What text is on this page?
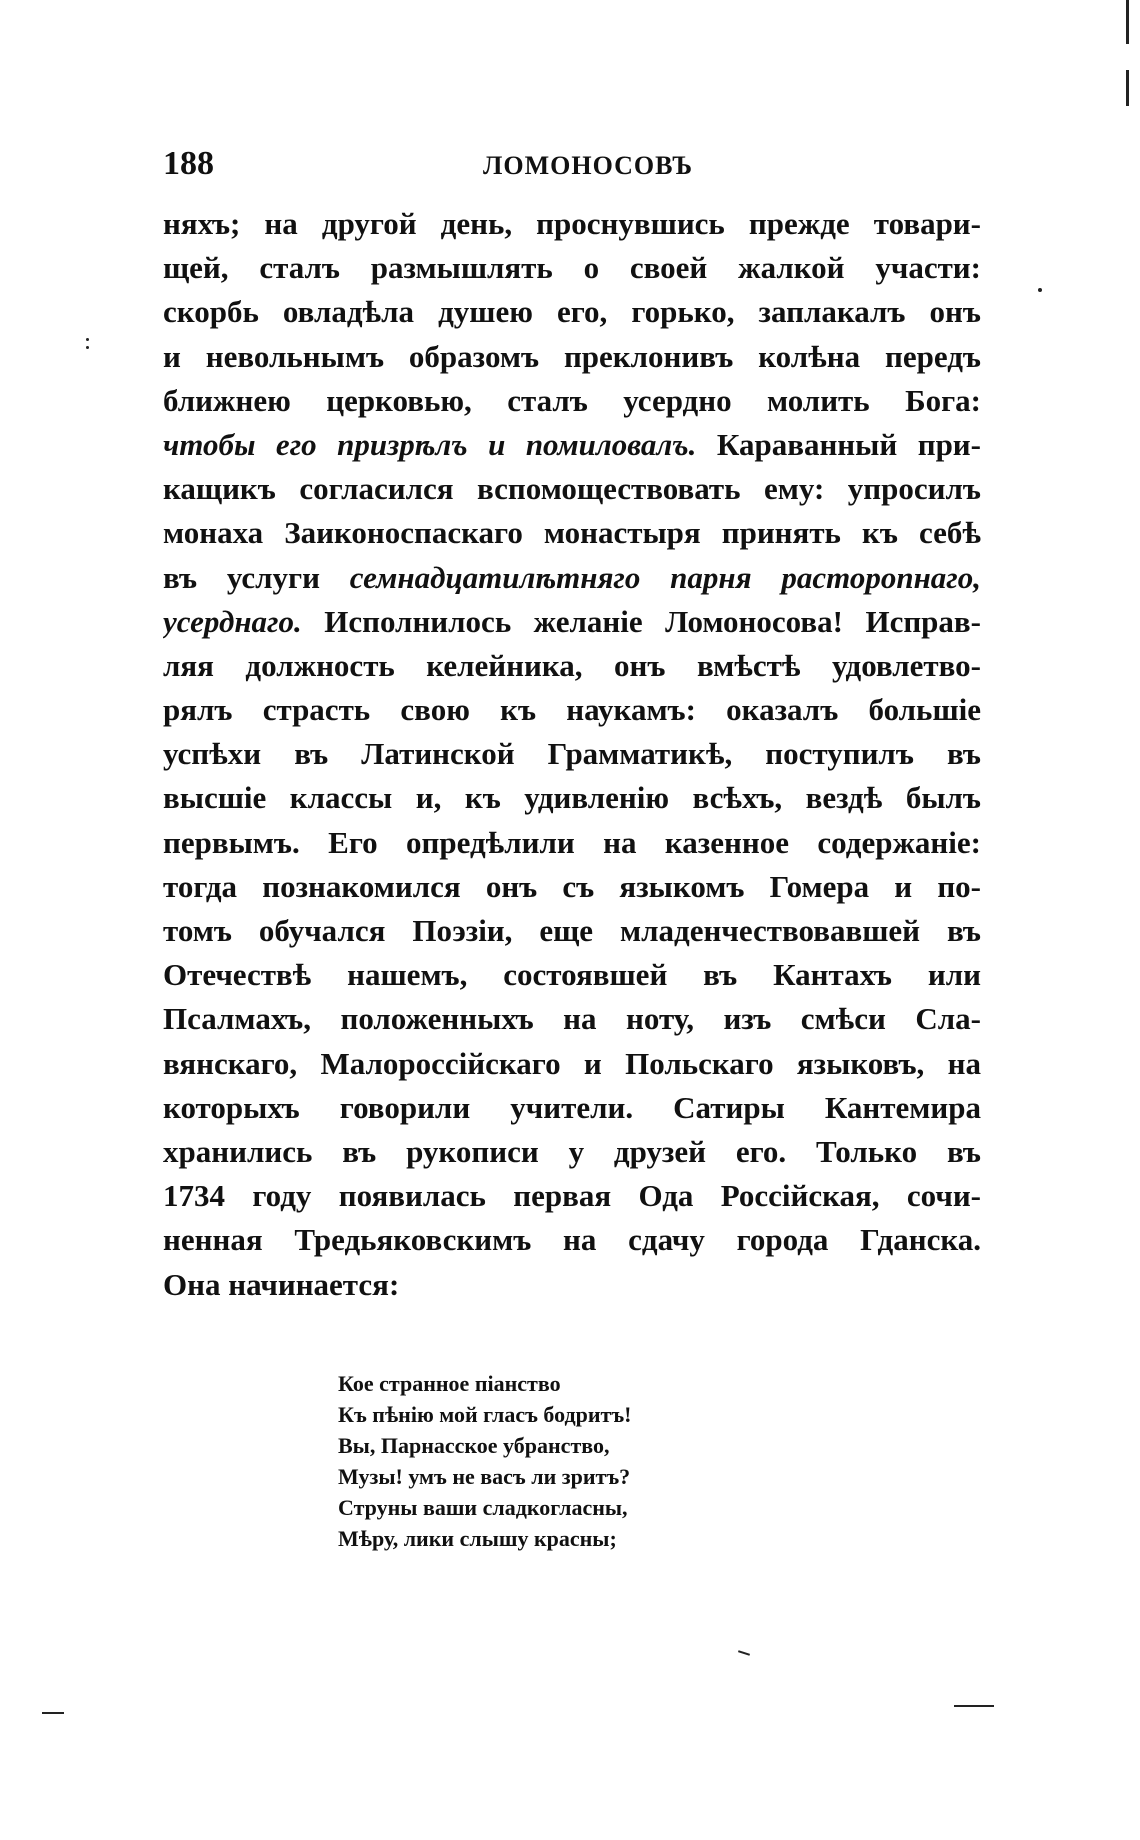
188	ЛОМОНОСОВЪ
няхъ; на другой день, проснувшись прежде товари-
щей, сталъ размышлять о своей жалкой участи:
скорбь овладѣла душею его, горько, заплакалъ онъ
и невольнымъ образомъ преклонивъ колѣна передъ
ближнею церковью, сталъ усердно молить Бога:
чтобы его призрѣлъ и помиловалъ. Караванный при-
кащикъ согласился вспомоществовать ему: упросилъ
монаха Заиконоспаскаго монастыря принять къ себѣ
въ услуги семнадцатилѣтняго парня расторопнаго,
усерднаго. Исполнилось желаніе Ломоносова! Исправ-
ляя должность келейника, онъ вмѣстѣ удовлетво-
рялъ страсть свою къ наукамъ: оказалъ большіе
успѣхи въ Латинской Грамматикѣ, поступилъ въ
высшіе классы и, къ удивленію всѣхъ, вездѣ былъ
первымъ. Его опредѣлили на казенное содержаніе:
тогда познакомился онъ съ языкомъ Гомера и по-
томъ обучался Поэзіи, еще младенчествовавшей въ
Отечествѣ нашемъ, состоявшей въ Кантахъ или
Псалмахъ, положенныхъ на ноту, изъ смѣси Сла-
вянскаго, Малороссійскаго и Польскаго языковъ, на
которыхъ говорили учители. Сатиры Кантемира
хранились въ рукописи у друзей его. Только въ
1734 году появилась первая Ода Россійская, сочи-
ненная Тредьяковскимъ на сдачу города Гданска.
Она начинается:
Кое странное піанство
Къ пѣнію мой гласъ бодритъ!
Вы, Парнасское убранство,
Музы! умъ не васъ ли зритъ?
Струны ваши сладкогласны,
Мѣру, лики слышу красны;
